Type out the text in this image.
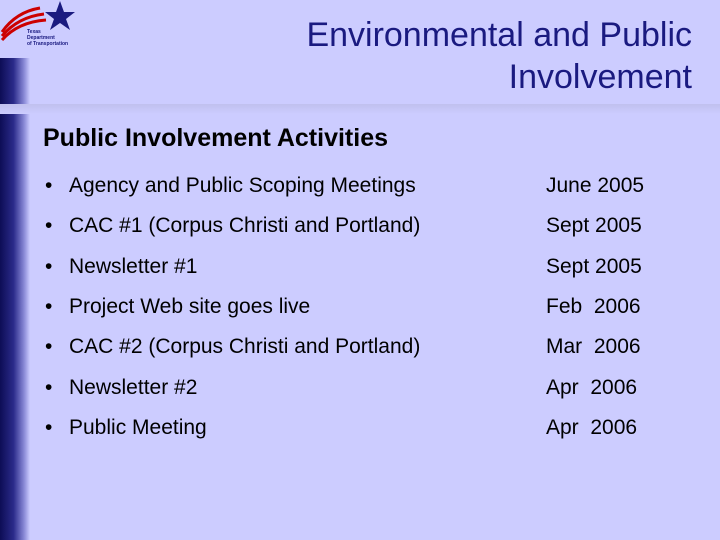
Texas
Department
of Transportation	Environmental and Public
Involvement
Public Involvement Activities
• Agency and Public Scoping Meetings	June 2005
• CAC #1 (Corpus Christi and Portland)	Sept 2005
• Newsletter #1	Sept 2005
• Project Web site goes live	Feb  2006
• CAC #2 (Corpus Christi and Portland)	Mar  2006
• Newsletter #2	Apr  2006
• Public Meeting	Apr  2006
